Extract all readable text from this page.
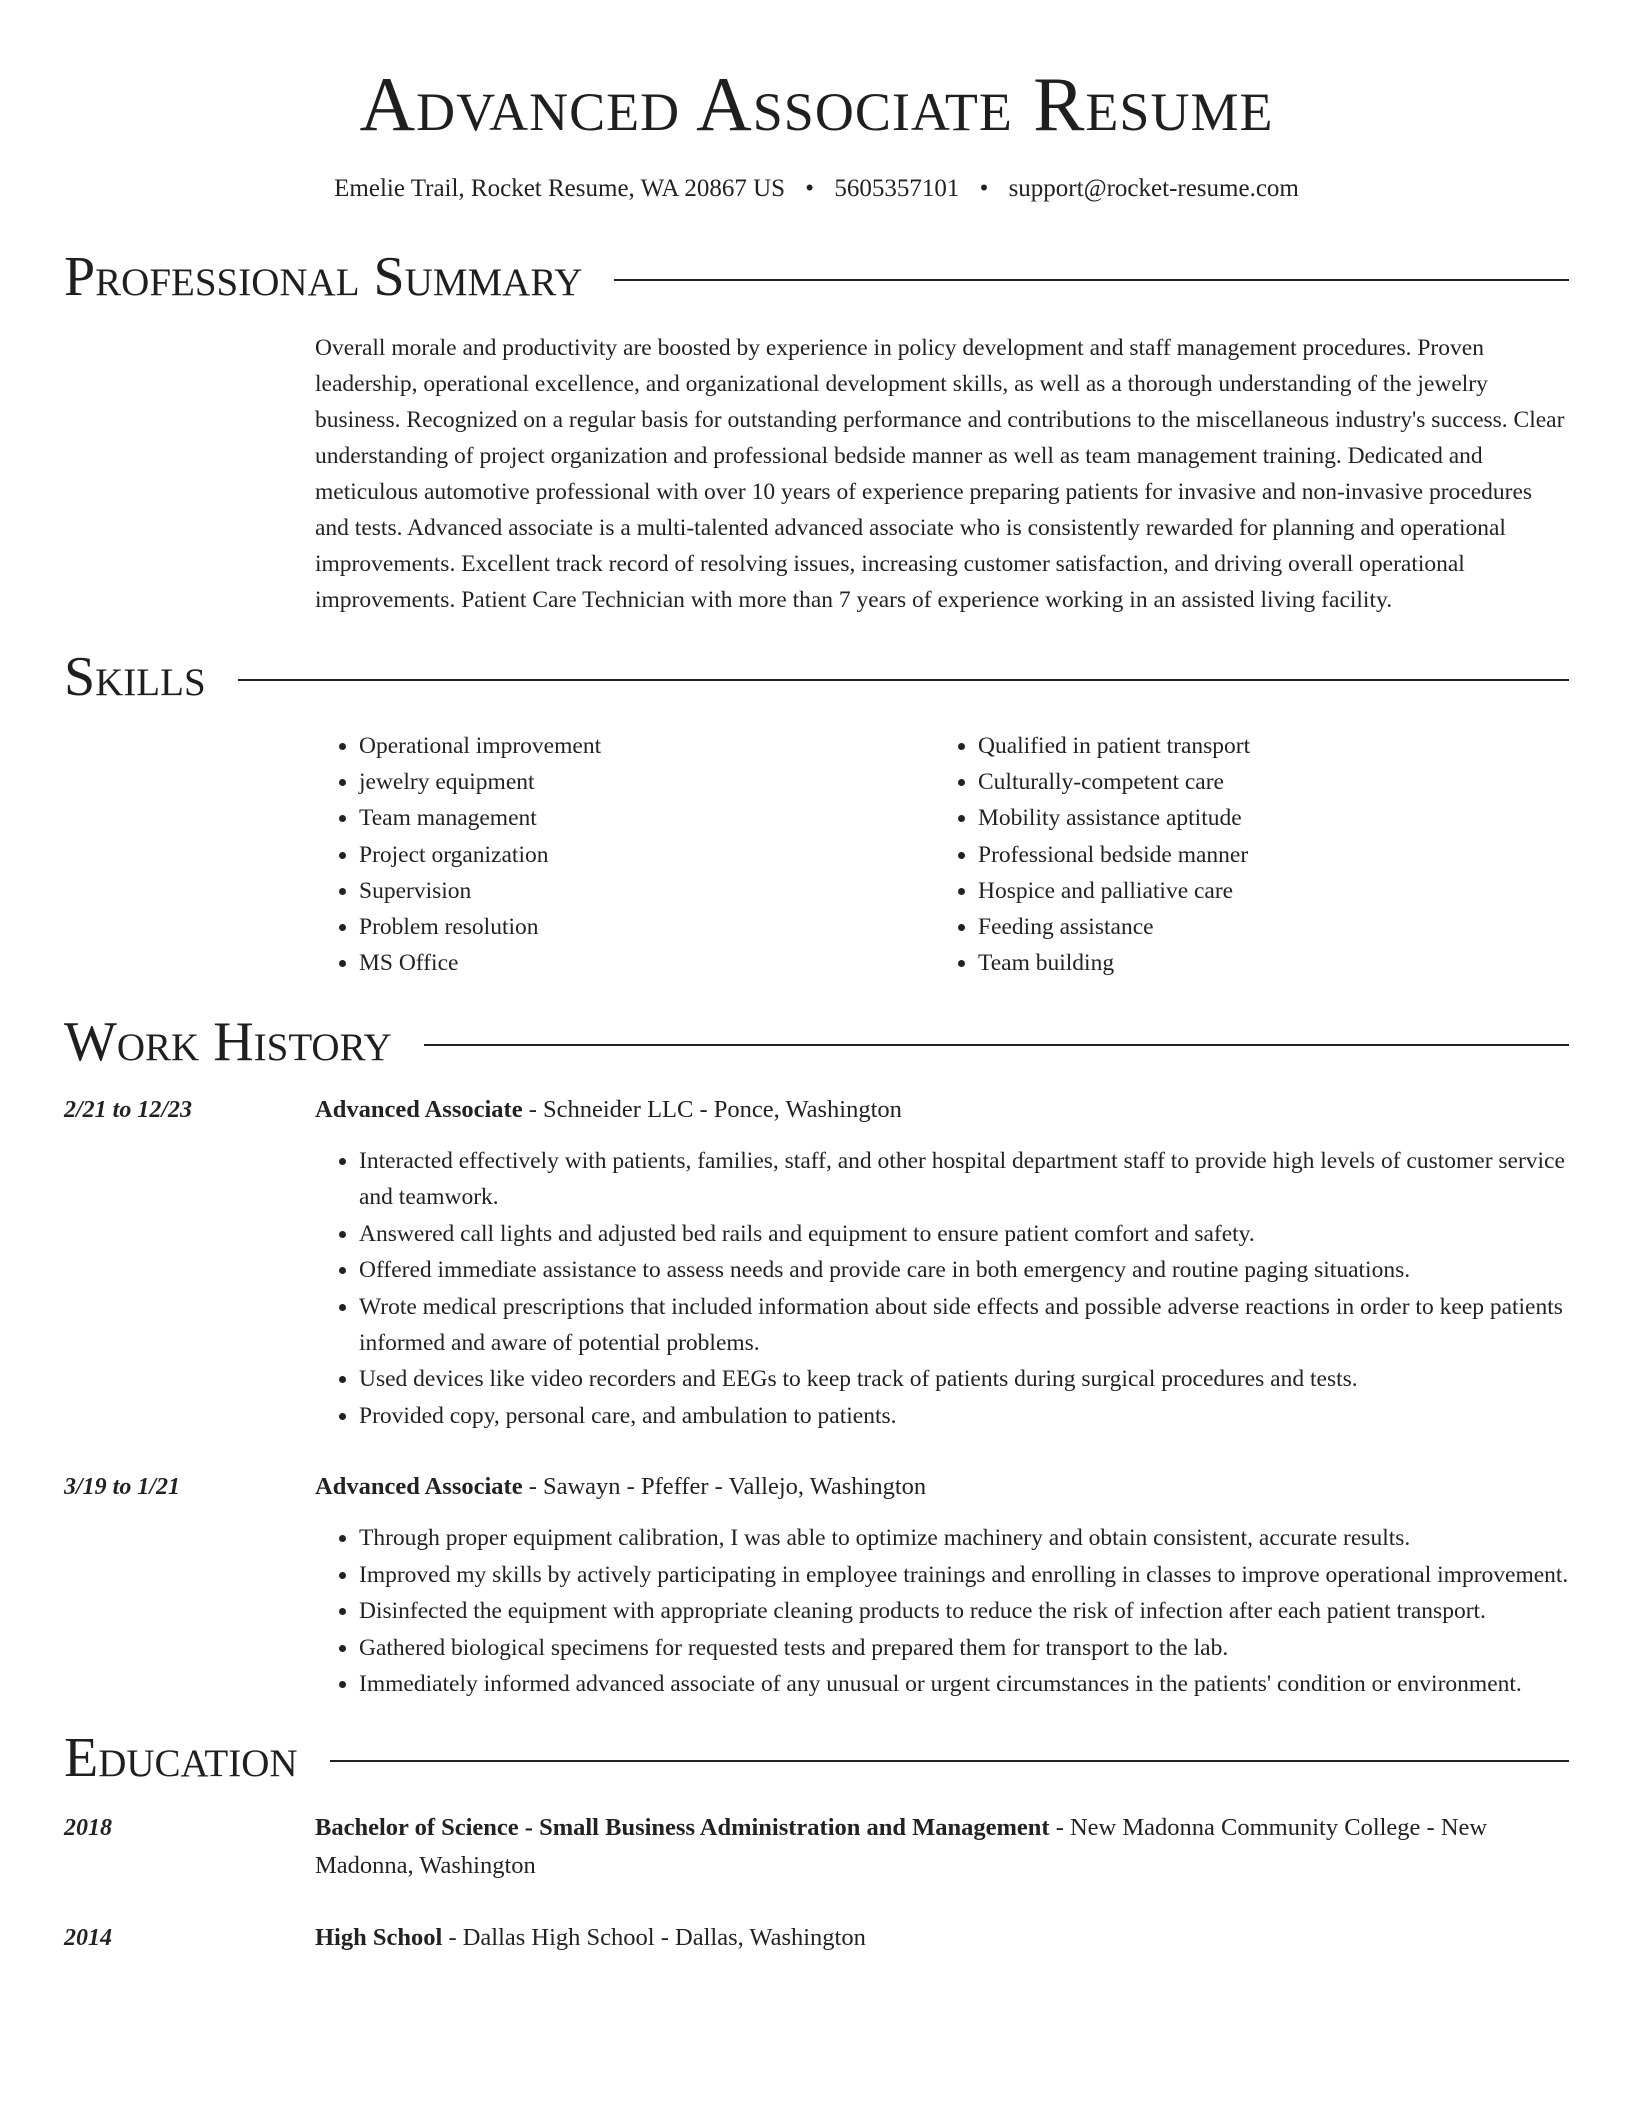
Advanced Associate Resume
Emelie Trail, Rocket Resume, WA 20867 US • 5605357101 • support@rocket-resume.com
Professional Summary
Overall morale and productivity are boosted by experience in policy development and staff management procedures. Proven leadership, operational excellence, and organizational development skills, as well as a thorough understanding of the jewelry business. Recognized on a regular basis for outstanding performance and contributions to the miscellaneous industry's success. Clear understanding of project organization and professional bedside manner as well as team management training. Dedicated and meticulous automotive professional with over 10 years of experience preparing patients for invasive and non-invasive procedures and tests. Advanced associate is a multi-talented advanced associate who is consistently rewarded for planning and operational improvements. Excellent track record of resolving issues, increasing customer satisfaction, and driving overall operational improvements. Patient Care Technician with more than 7 years of experience working in an assisted living facility.
Skills
• Operational improvement
• jewelry equipment
• Team management
• Project organization
• Supervision
• Problem resolution
• MS Office
• Qualified in patient transport
• Culturally-competent care
• Mobility assistance aptitude
• Professional bedside manner
• Hospice and palliative care
• Feeding assistance
• Team building
Work History
2/21 to 12/23	Advanced Associate - Schneider LLC - Ponce, Washington
• Interacted effectively with patients, families, staff, and other hospital department staff to provide high levels of customer service and teamwork.
• Answered call lights and adjusted bed rails and equipment to ensure patient comfort and safety.
• Offered immediate assistance to assess needs and provide care in both emergency and routine paging situations.
• Wrote medical prescriptions that included information about side effects and possible adverse reactions in order to keep patients informed and aware of potential problems.
• Used devices like video recorders and EEGs to keep track of patients during surgical procedures and tests.
• Provided copy, personal care, and ambulation to patients.
3/19 to 1/21	Advanced Associate - Sawayn - Pfeffer - Vallejo, Washington
• Through proper equipment calibration, I was able to optimize machinery and obtain consistent, accurate results.
• Improved my skills by actively participating in employee trainings and enrolling in classes to improve operational improvement.
• Disinfected the equipment with appropriate cleaning products to reduce the risk of infection after each patient transport.
• Gathered biological specimens for requested tests and prepared them for transport to the lab.
• Immediately informed advanced associate of any unusual or urgent circumstances in the patients' condition or environment.
Education
2018	Bachelor of Science - Small Business Administration and Management - New Madonna Community College - New Madonna, Washington
2014	High School - Dallas High School - Dallas, Washington
